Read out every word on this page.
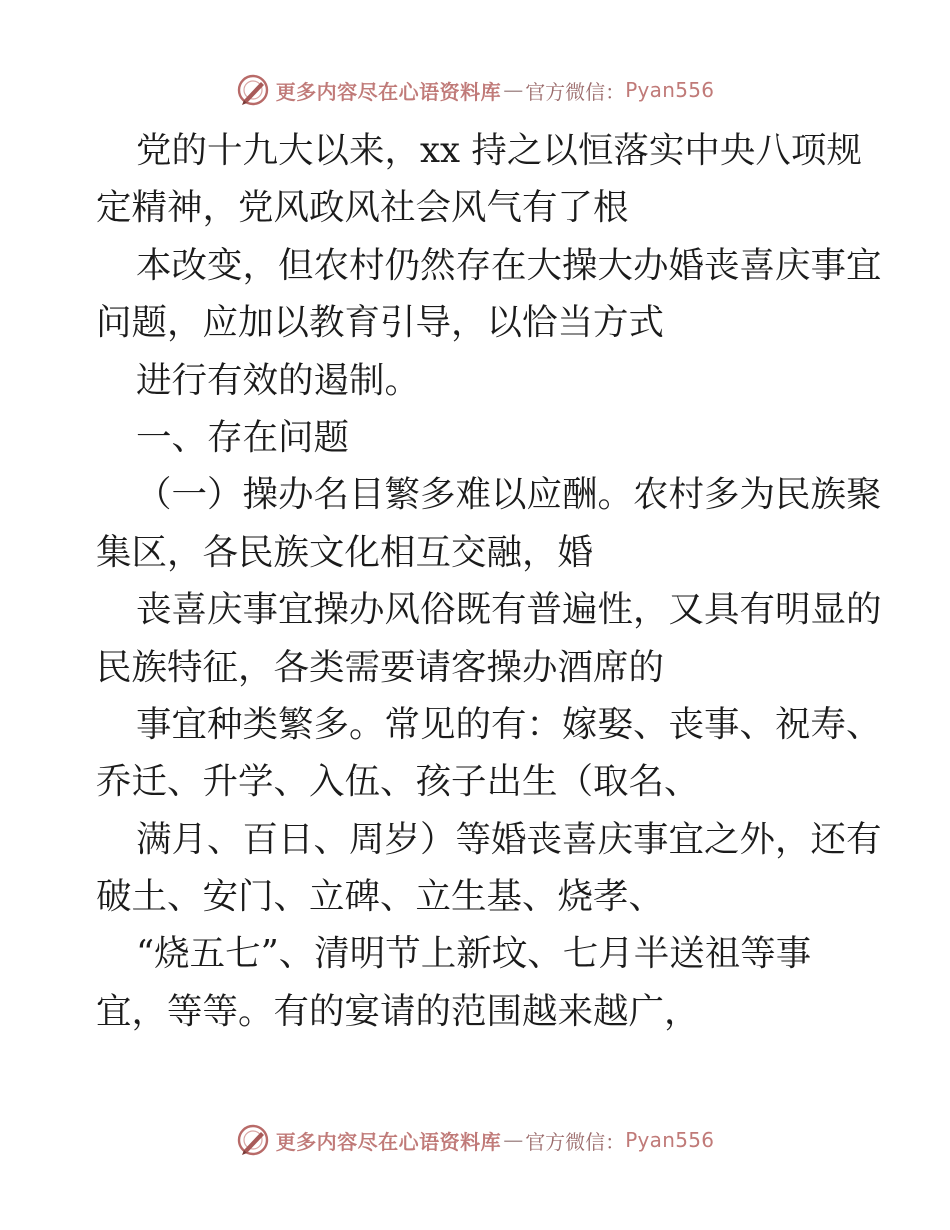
更多内容尽在心语资料库 — 官方微信： Pyan556
党的十九大以来，xx 持之以恒落实中央八项规
定精神，党风政风社会风气有了根
本改变，但农村仍然存在大操大办婚丧喜庆事宜
问题，应加以教育引导，以恰当方式
进行有效的遏制。
一、存在问题
（一）操办名目繁多难以应酬。农村多为民族聚
集区，各民族文化相互交融，婚
丧喜庆事宜操办风俗既有普遍性，又具有明显的
民族特征，各类需要请客操办酒席的
事宜种类繁多。常见的有：嫁娶、丧事、祝寿、
乔迁、升学、入伍、孩子出生（取名、
满月、百日、周岁）等婚丧喜庆事宜之外，还有
破土、安门、立碑、立生基、烧孝、
“烧五七”、清明节上新坟、七月半送祖等事
宜，等等。有的宴请的范围越来越广，
更多内容尽在心语资料库 — 官方微信： Pyan556
